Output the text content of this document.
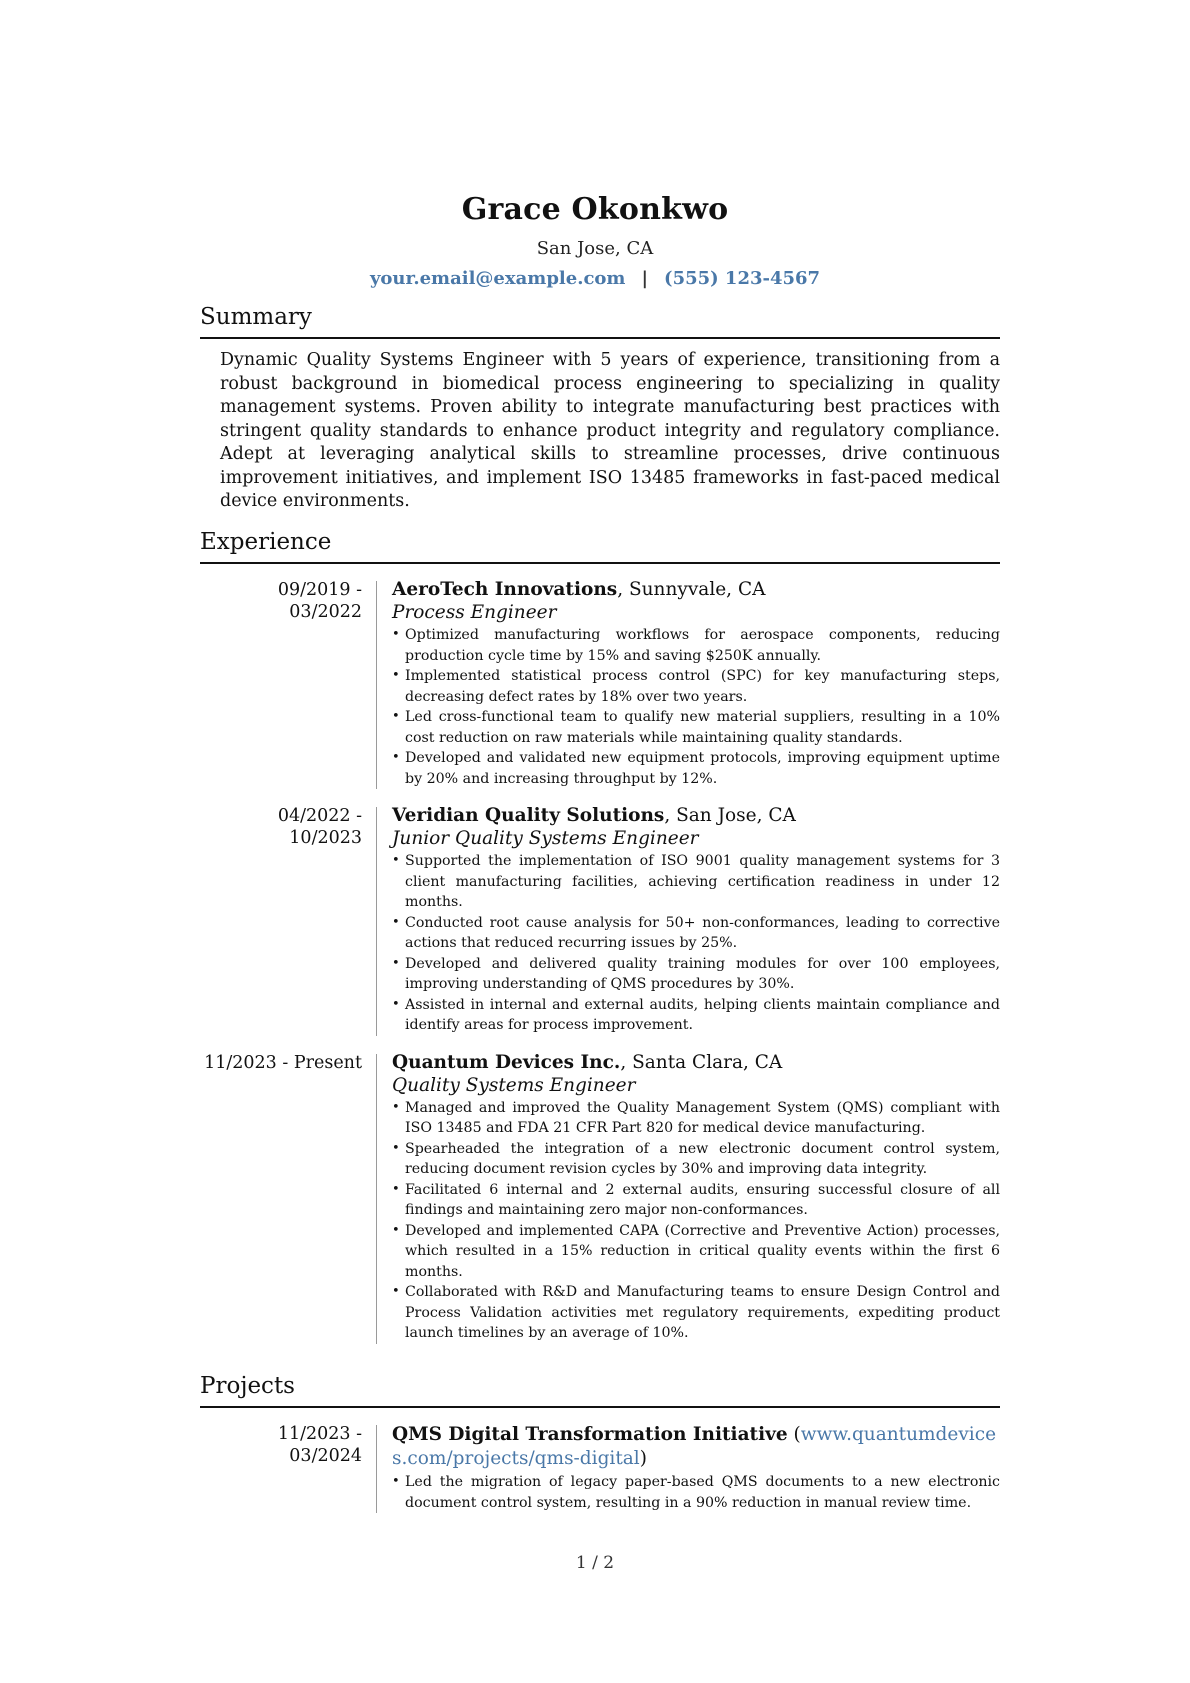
Grace Okonkwo
San Jose, CA
your.email@example.com | (555) 123-4567
Summary

Dynamic Quality Systems Engineer with 5 years of experience, transitioning from a robust background in biomedical process engineering to specializing in quality management systems. Proven ability to integrate manufacturing best practices with stringent quality standards to enhance product integrity and regulatory compliance. Adept at leveraging analytical skills to streamline processes, drive continuous improvement initiatives, and implement ISO 13485 frameworks in fast-paced medical device environments.

Experience
09/2019 - 03/2022
AeroTech Innovations, Sunnyvale, CA
Process Engineer
• Optimized manufacturing workflows for aerospace components, reducing production cycle time by 15% and saving $250K annually.
• Implemented statistical process control (SPC) for key manufacturing steps, decreasing defect rates by 18% over two years.
• Led cross-functional team to qualify new material suppliers, resulting in a 10% cost reduction on raw materials while maintaining quality standards.
• Developed and validated new equipment protocols, improving equipment uptime by 20% and increasing throughput by 12%.
04/2022 - 10/2023
Veridian Quality Solutions, San Jose, CA
Junior Quality Systems Engineer
• Supported the implementation of ISO 9001 quality management systems for 3 client manufacturing facilities, achieving certification readiness in under 12 months.
• Conducted root cause analysis for 50+ non-conformances, leading to corrective actions that reduced recurring issues by 25%.
• Developed and delivered quality training modules for over 100 employees, improving understanding of QMS procedures by 30%.
• Assisted in internal and external audits, helping clients maintain compliance and identify areas for process improvement.
11/2023 - Present	Quantum Devices Inc., Santa Clara, CA
Quality Systems Engineer
• Managed and improved the Quality Management System (QMS) compliant with ISO 13485 and FDA 21 CFR Part 820 for medical device manufacturing.
• Spearheaded the integration of a new electronic document control system, reducing document revision cycles by 30% and improving data integrity.
• Facilitated 6 internal and 2 external audits, ensuring successful closure of all findings and maintaining zero major non-conformances.
• Developed and implemented CAPA (Corrective and Preventive Action) processes, which resulted in a 15% reduction in critical quality events within the first 6 months.
• Collaborated with R&D and Manufacturing teams to ensure Design Control and Process Validation activities met regulatory requirements, expediting product launch timelines by an average of 10%.
Projects
11/2023 - 03/2024
QMS Digital Transformation Initiative (www.quantumdevices.com/projects/qms-digital)
• Led the migration of legacy paper-based QMS documents to a new electronic document control system, resulting in a 90% reduction in manual review time.
1 / 2
